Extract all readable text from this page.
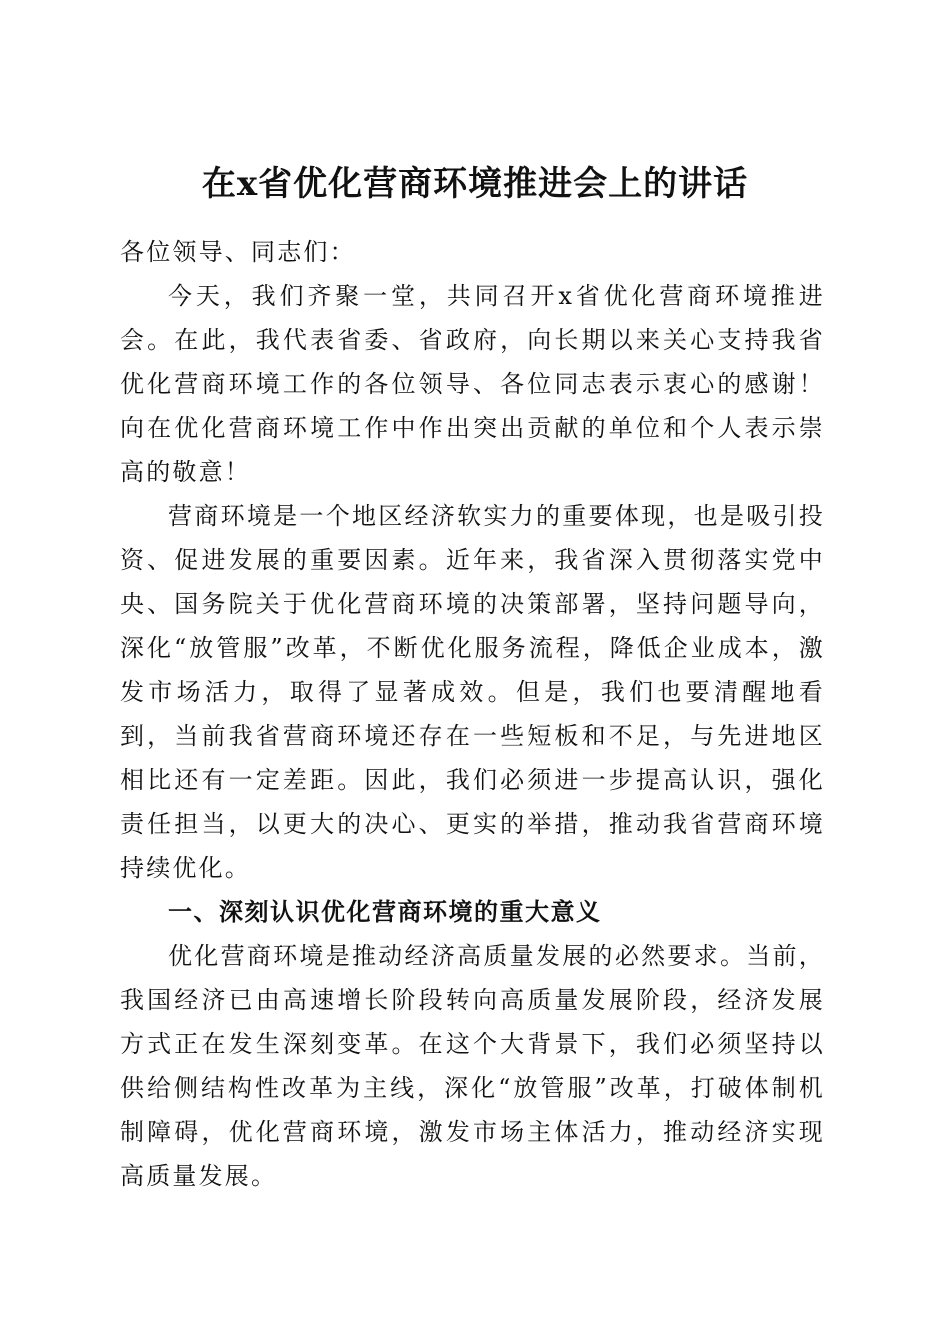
在x省优化营商环境推进会上的讲话

各位领导、同志们：

今天，我们齐聚一堂，共同召开x省优化营商环境推进会。在此，我代表省委、省政府，向长期以来关心支持我省优化营商环境工作的各位领导、各位同志表示衷心的感谢！向在优化营商环境工作中作出突出贡献的单位和个人表示崇高的敬意！

营商环境是一个地区经济软实力的重要体现，也是吸引投资、促进发展的重要因素。近年来，我省深入贯彻落实党中央、国务院关于优化营商环境的决策部署，坚持问题导向，深化“放管服”改革，不断优化服务流程，降低企业成本，激发市场活力，取得了显著成效。但是，我们也要清醒地看到，当前我省营商环境还存在一些短板和不足，与先进地区相比还有一定差距。因此，我们必须进一步提高认识，强化责任担当，以更大的决心、更实的举措，推动我省营商环境持续优化。

一、深刻认识优化营商环境的重大意义

优化营商环境是推动经济高质量发展的必然要求。当前，我国经济已由高速增长阶段转向高质量发展阶段，经济发展方式正在发生深刻变革。在这个大背景下，我们必须坚持以供给侧结构性改革为主线，深化“放管服”改革，打破体制机制障碍，优化营商环境，激发市场主体活力，推动经济实现高质量发展。
